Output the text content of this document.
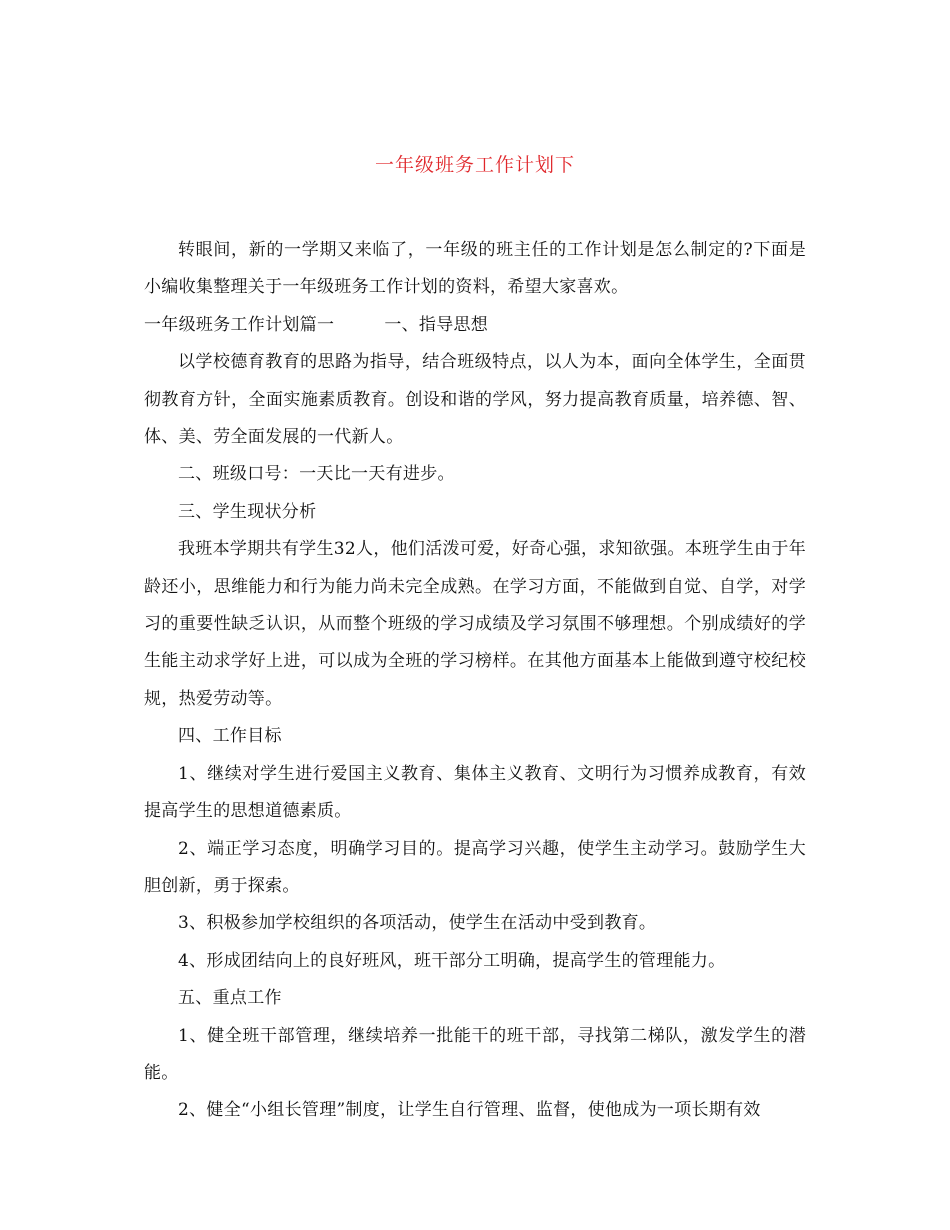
一年级班务工作计划下

转眼间，新的一学期又来临了，一年级的班主任的工作计划是怎么制定的?下面是小编收集整理关于一年级班务工作计划的资料，希望大家喜欢。

一年级班务工作计划篇一	一、指导思想

以学校德育教育的思路为指导，结合班级特点，以人为本，面向全体学生，全面贯彻教育方针，全面实施素质教育。创设和谐的学风，努力提高教育质量，培养德、智、体、美、劳全面发展的一代新人。

二、班级口号：一天比一天有进步。

三、学生现状分析

我班本学期共有学生32人，他们活泼可爱，好奇心强，求知欲强。本班学生由于年龄还小，思维能力和行为能力尚未完全成熟。在学习方面，不能做到自觉、自学，对学习的重要性缺乏认识，从而整个班级的学习成绩及学习氛围不够理想。个别成绩好的学生能主动求学好上进，可以成为全班的学习榜样。在其他方面基本上能做到遵守校纪校规，热爱劳动等。

四、工作目标

1、继续对学生进行爱国主义教育、集体主义教育、文明行为习惯养成教育，有效提高学生的思想道德素质。

2、端正学习态度，明确学习目的。提高学习兴趣，使学生主动学习。鼓励学生大胆创新，勇于探索。

3、积极参加学校组织的各项活动，使学生在活动中受到教育。

4、形成团结向上的良好班风，班干部分工明确，提高学生的管理能力。

五、重点工作

1、健全班干部管理，继续培养一批能干的班干部，寻找第二梯队，激发学生的潜能。

2、健全“小组长管理”制度，让学生自行管理、监督，使他成为一项长期有效
